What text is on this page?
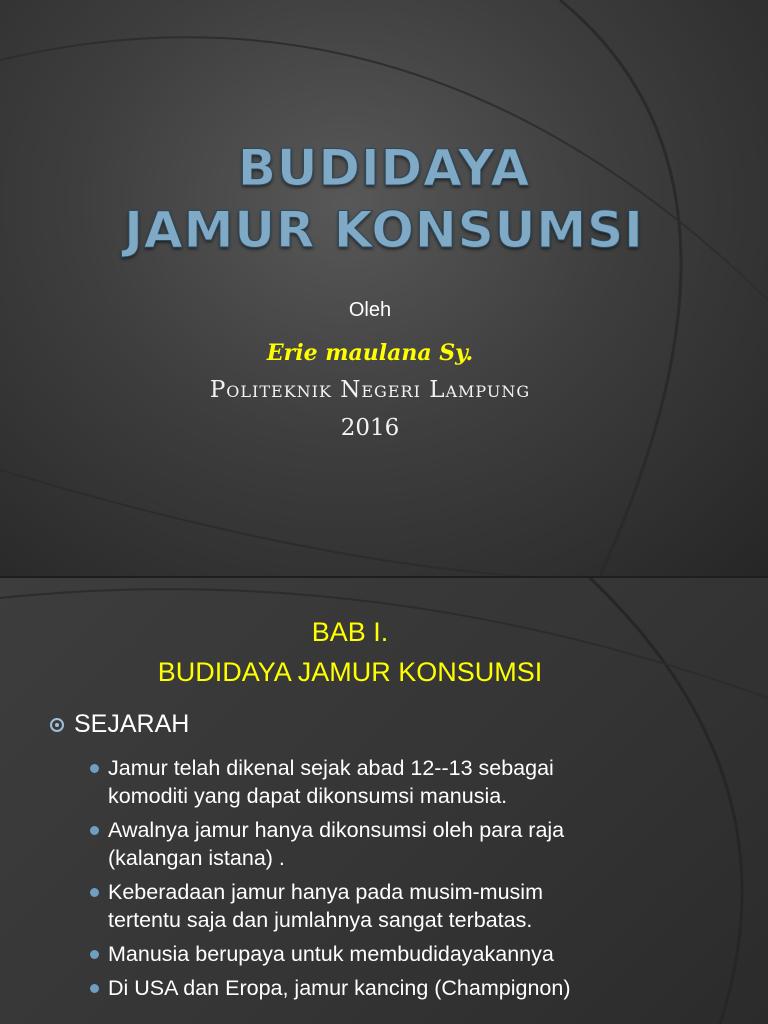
BUDIDAYA
JAMUR KONSUMSI
Oleh
Erie maulana Sy.
Politeknik Negeri Lampung
2016
BAB I.
BUDIDAYA JAMUR KONSUMSI
SEJARAH
Jamur telah dikenal sejak abad 12--13 sebagai
komoditi yang dapat dikonsumsi manusia.
Awalnya jamur hanya dikonsumsi oleh para raja
(kalangan istana) .
Keberadaan jamur hanya pada musim-musim
tertentu saja dan jumlahnya sangat terbatas.
Manusia berupaya untuk membudidayakannya
Di USA dan Eropa, jamur kancing (Champignon)
